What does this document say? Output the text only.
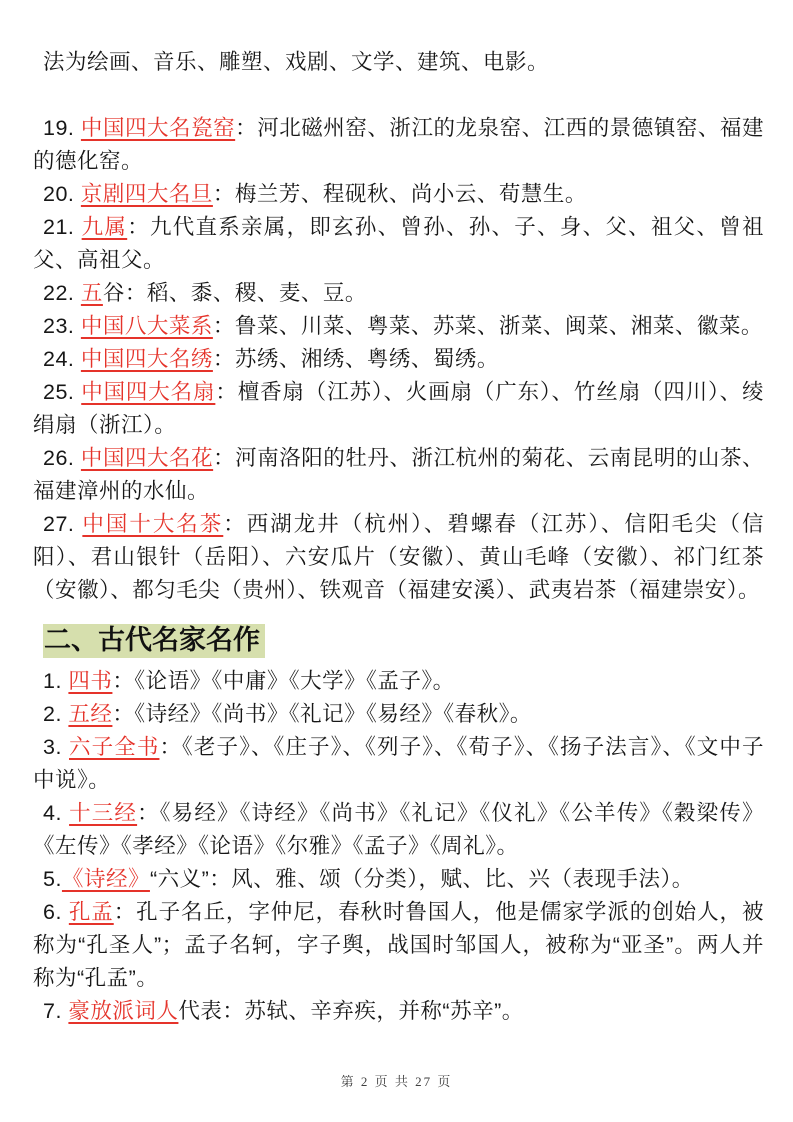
法为绘画、音乐、雕塑、戏剧、文学、建筑、电影。

19. 中国四大名瓷窑：河北磁州窑、浙江的龙泉窑、江西的景德镇窑、福建的德化窑。

20. 京剧四大名旦：梅兰芳、程砚秋、尚小云、荀慧生。

21. 九属：九代直系亲属，即玄孙、曾孙、孙、子、身、父、祖父、曾祖父、高祖父。

22. 五谷：稻、黍、稷、麦、豆。

23. 中国八大菜系：鲁菜、川菜、粤菜、苏菜、浙菜、闽菜、湘菜、徽菜。

24. 中国四大名绣：苏绣、湘绣、粤绣、蜀绣。

25. 中国四大名扇：檀香扇（江苏）、火画扇（广东）、竹丝扇（四川）、绫绢扇（浙江）。

26. 中国四大名花：河南洛阳的牡丹、浙江杭州的菊花、云南昆明的山茶、福建漳州的水仙。

27. 中国十大名茶：西湖龙井（杭州）、碧螺春（江苏）、信阳毛尖（信阳）、君山银针（岳阳）、六安瓜片（安徽）、黄山毛峰（安徽）、祁门红茶（安徽）、都匀毛尖（贵州）、铁观音（福建安溪）、武夷岩茶（福建崇安）。

二、古代名家名作

1. 四书：《论语》《中庸》《大学》《孟子》。

2. 五经：《诗经》《尚书》《礼记》《易经》《春秋》。

3. 六子全书：《老子》、《庄子》、《列子》、《荀子》、《扬子法言》、《文中子中说》。

4. 十三经：《易经》《诗经》《尚书》《礼记》《仪礼》《公羊传》《穀梁传》《左传》《孝经》《论语》《尔雅》《孟子》《周礼》。

5.《诗经》“六义”：风、雅、颂（分类），赋、比、兴（表现手法）。

6. 孔孟：孔子名丘，字仲尼，春秋时鲁国人，他是儒家学派的创始人，被称为“孔圣人”；孟子名轲，字子舆，战国时邹国人，被称为“亚圣”。两人并称为“孔孟”。

7. 豪放派词人代表：苏轼、辛弃疾，并称“苏辛”。

第 2 页 共 27 页
